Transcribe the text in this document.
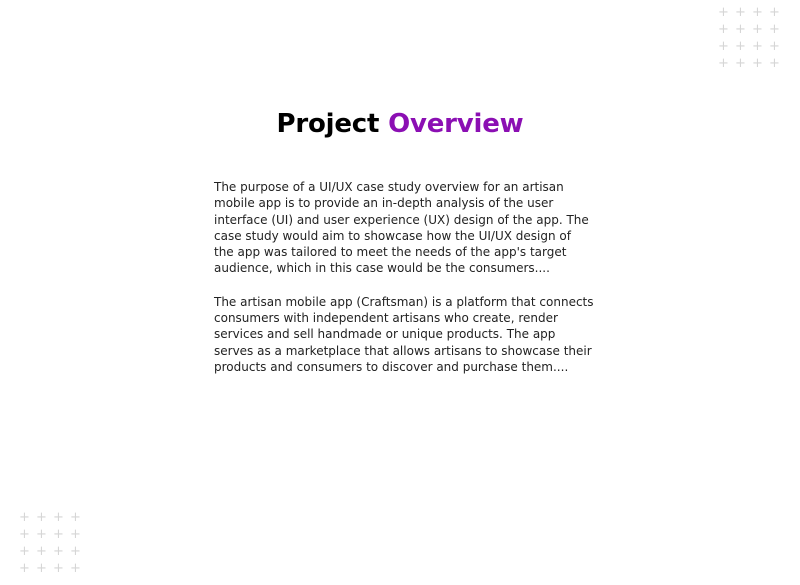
+ + + +
+ + + +
+ + + +
+ + + +
Project Overview

The purpose of a UI/UX case study overview for an artisan mobile app is to provide an in-depth analysis of the user interface (UI) and user experience (UX) design of the app. The case study would aim to showcase how the UI/UX design of the app was tailored to meet the needs of the app's target audience, which in this case would be the consumers....

The artisan mobile app (Craftsman) is a platform that connects consumers with independent artisans who create, render services and sell handmade or unique products. The app serves as a marketplace that allows artisans to showcase their products and consumers to discover and purchase them....

+ + + +
+ + + +
+ + + +
+ + + +
